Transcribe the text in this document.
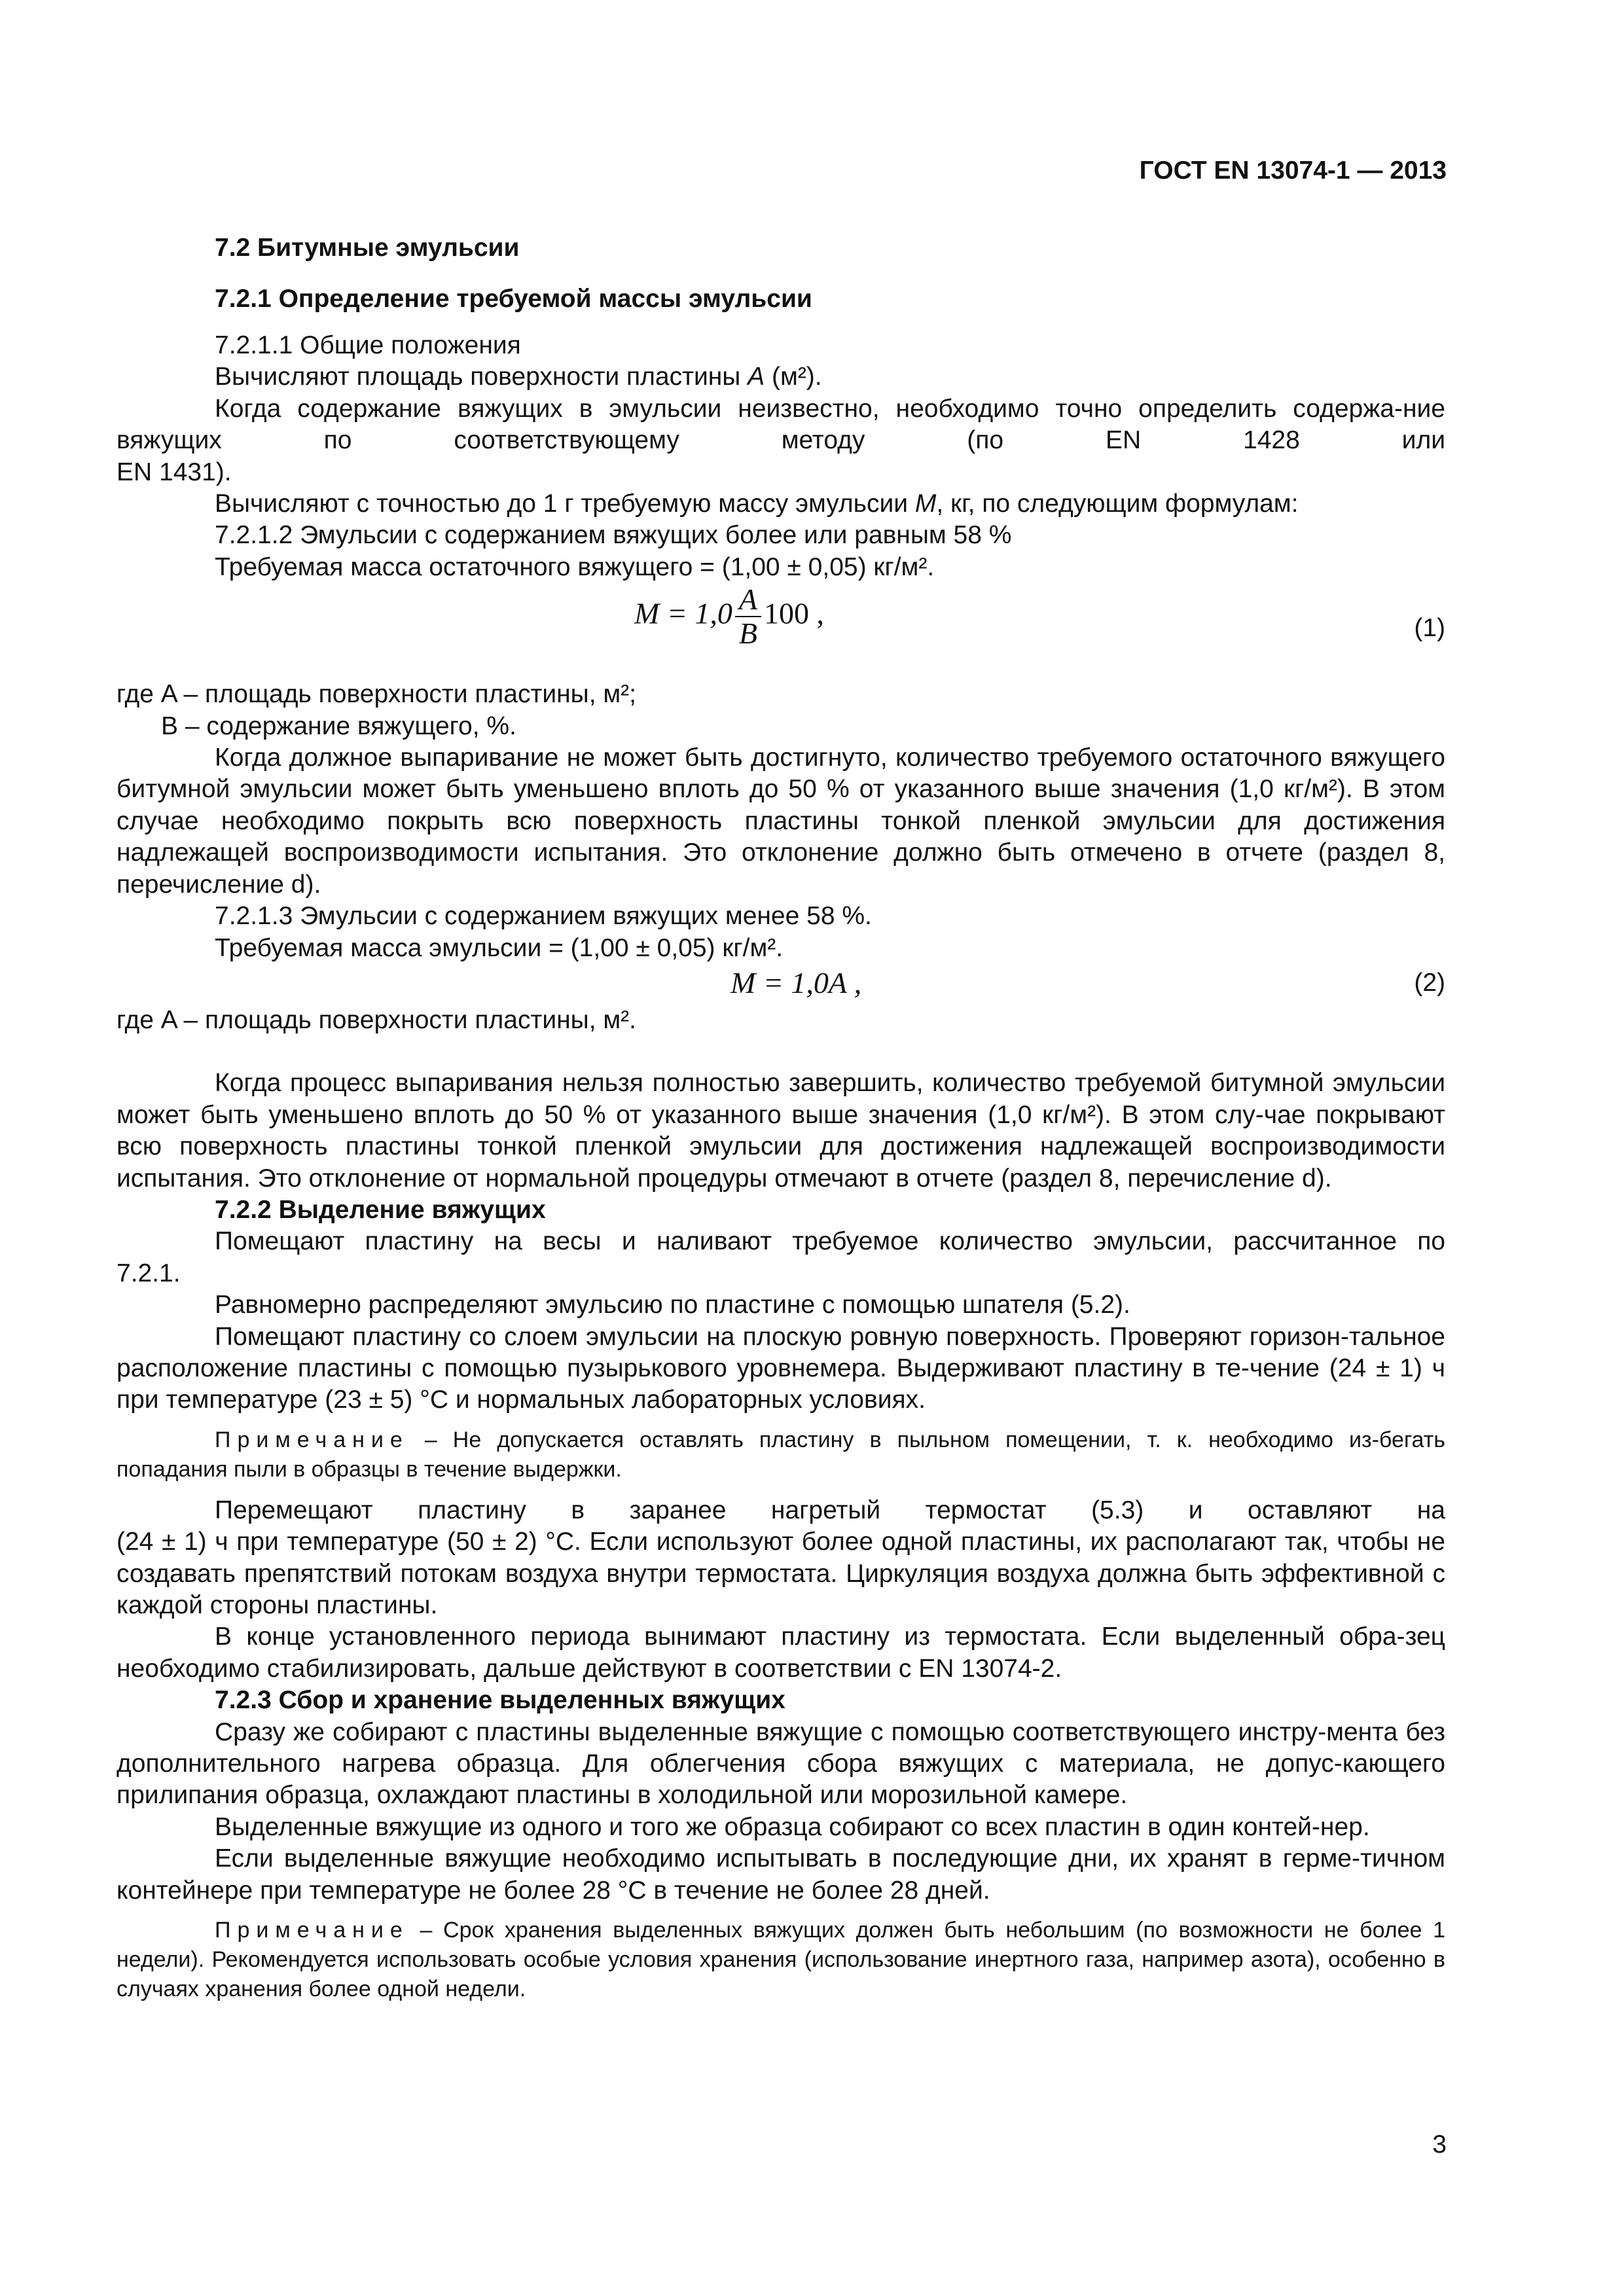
ГОСТ EN 13074-1 — 2013

7.2 Битумные эмульсии

7.2.1 Определение требуемой массы эмульсии

7.2.1.1 Общие положения

Вычисляют площадь поверхности пластины A (м²).

Когда содержание вяжущих в эмульсии неизвестно, необходимо точно определить содержа-ние вяжущих по соответствующему методу (по EN 1428 или

EN 1431).

Вычисляют с точностью до 1 г требуемую массу эмульсии M, кг, по следующим формулам:

7.2.1.2 Эмульсии с содержанием вяжущих более или равным 58 %

Требуемая масса остаточного вяжущего = (1,00 ± 0,05) кг/м².

$M = 1,0 \frac{A}{B} 100$ ,	(1)

где A – площадь поверхности пластины, м²;

B – содержание вяжущего, %.

Когда должное выпаривание не может быть достигнуто, количество требуемого остаточного вяжущего битумной эмульсии может быть уменьшено вплоть до 50 % от указанного выше значения (1,0 кг/м²). В этом случае необходимо покрыть всю поверхность пластины тонкой пленкой эмульсии для достижения надлежащей воспроизводимости испытания. Это отклонение должно быть отмечено в отчете (раздел 8, перечисление d).

7.2.1.3 Эмульсии с содержанием вяжущих менее 58 %.

Требуемая масса эмульсии = (1,00 ± 0,05) кг/м².

M = 1,0A ,	(2)

где A – площадь поверхности пластины, м².

Когда процесс выпаривания нельзя полностью завершить, количество требуемой битумной эмульсии может быть уменьшено вплоть до 50 % от указанного выше значения (1,0 кг/м²). В этом слу-чае покрывают всю поверхность пластины тонкой пленкой эмульсии для достижения надлежащей воспроизводимости испытания. Это отклонение от нормальной процедуры отмечают в отчете (раздел 8, перечисление d).

7.2.2 Выделение вяжущих

Помещают пластину на весы и наливают требуемое количество эмульсии, рассчитанное по

7.2.1.

Равномерно распределяют эмульсию по пластине с помощью шпателя (5.2).

Помещают пластину со слоем эмульсии на плоскую ровную поверхность. Проверяют горизон-тальное расположение пластины с помощью пузырькового уровнемера. Выдерживают пластину в те-чение (24 ± 1) ч при температуре (23 ± 5) °С и нормальных лабораторных условиях.

Примечание – Не допускается оставлять пластину в пыльном помещении, т. к. необходимо из-бегать попадания пыли в образцы в течение выдержки.

Перемещают пластину в заранее нагретый термостат (5.3) и оставляют на

(24 ± 1) ч при температуре (50 ± 2) °С. Если используют более одной пластины, их располагают так, чтобы не создавать препятствий потокам воздуха внутри термостата. Циркуляция воздуха должна быть эффективной с каждой стороны пластины.

В конце установленного периода вынимают пластину из термостата. Если выделенный обра-зец необходимо стабилизировать, дальше действуют в соответствии с EN 13074-2.

7.2.3 Сбор и хранение выделенных вяжущих

Сразу же собирают с пластины выделенные вяжущие с помощью соответствующего инстру-мента без дополнительного нагрева образца. Для облегчения сбора вяжущих с материала, не допус-кающего прилипания образца, охлаждают пластины в холодильной или морозильной камере.

Выделенные вяжущие из одного и того же образца собирают со всех пластин в один контей-нер.

Если выделенные вяжущие необходимо испытывать в последующие дни, их хранят в герме-тичном контейнере при температуре не более 28 °С в течение не более 28 дней.

Примечание – Срок хранения выделенных вяжущих должен быть небольшим (по возможности не более 1 недели). Рекомендуется использовать особые условия хранения (использование инертного газа, например азота), особенно в случаях хранения более одной недели.

3
